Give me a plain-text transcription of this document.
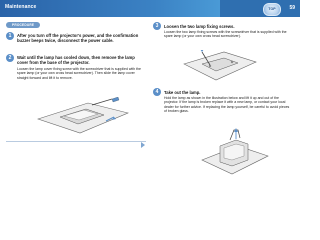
Maintenance	TOP	59
PROCEDURE
1	After you turn off the projector's power, and the confirmation buzzer beeps twice, disconnect the power cable.
2	Wait until the lamp has cooled down, then remove the lamp cover from the base of the projector.
Loosen the lamp cover fixing screw with the screwdriver that is supplied with the spare lamp (or your own cross head screwdriver). Then slide the lamp cover straight forward and lift it to remove.
3	Loosen the two lamp fixing screws.
Loosen the two lamp fixing screws with the screwdriver that is supplied with the spare lamp (or your own cross head screwdriver).
4	Take out the lamp.
Hold the lamp as shown in the illustration below and lift it up and out of the projector. If the lamp is broken replace it with a new lamp, or contact your local dealer for further advice. If replacing the lamp yourself, be careful to avoid pieces of broken glass.
